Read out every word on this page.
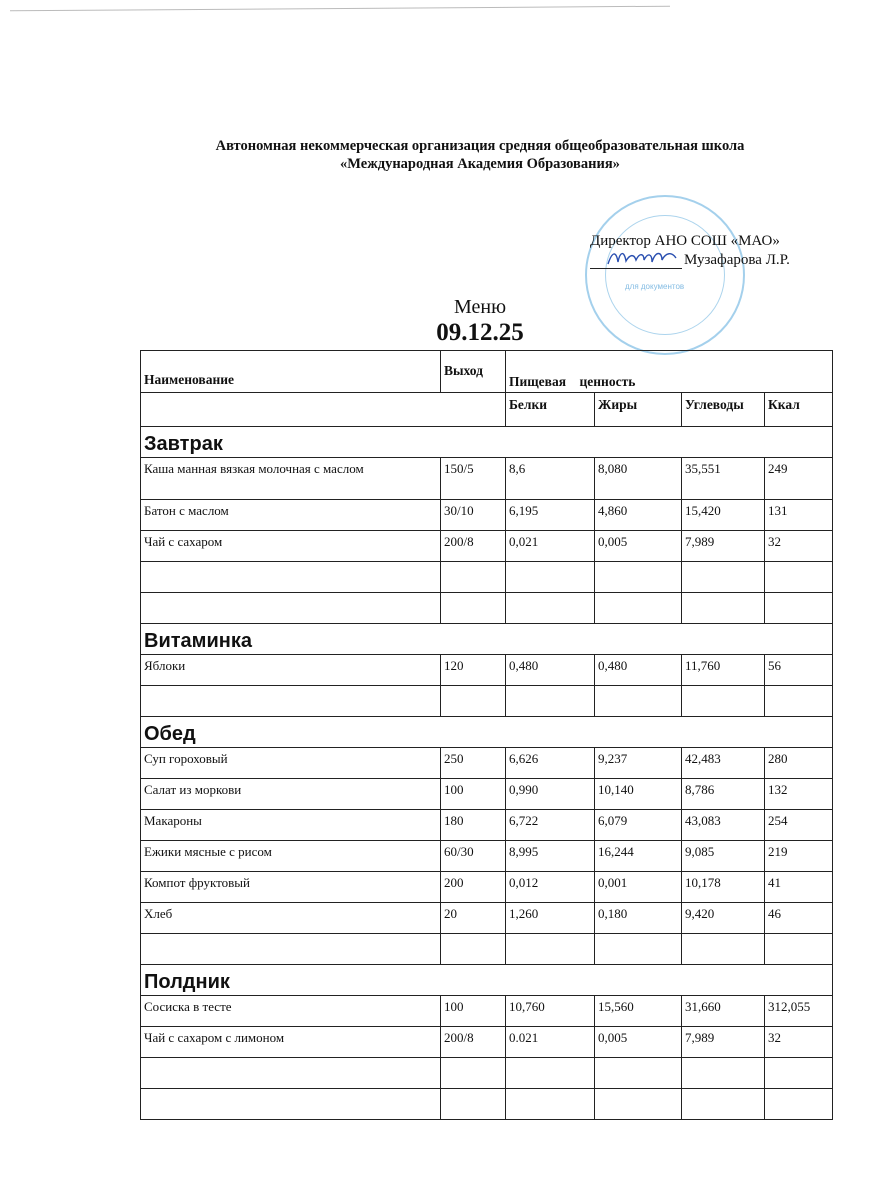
Автономная некоммерческая организация средняя общеобразовательная школа
«Международная Академия Образования»
для документов
Директор АНО СОШ «МАО»
Музафарова Л.Р.
Меню
09.12.25
Наименование	Выход	Пищевая    ценность			
		Белки	Жиры	Углеводы	Ккал
Завтрак					
Каша манная вязкая молочная с маслом	150/5	8,6	8,080	35,551	249
Батон с маслом	30/10	6,195	4,860	15,420	131
Чай с сахаром	200/8	0,021	0,005	7,989	32

Витаминка					
Яблоки	120	0,480	0,480	11,760	56

Обед					
Суп гороховый	250	6,626	9,237	42,483	280
Салат из моркови	100	0,990	10,140	8,786	132
Макароны	180	6,722	6,079	43,083	254
Ежики мясные с рисом	60/30	8,995	16,244	9,085	219
Компот фруктовый	200	0,012	0,001	10,178	41
Хлеб	20	1,260	0,180	9,420	46

Полдник					
Сосиска в тесте	100	10,760	15,560	31,660	312,055
Чай с сахаром с лимоном	200/8	0.021	0,005	7,989	32
